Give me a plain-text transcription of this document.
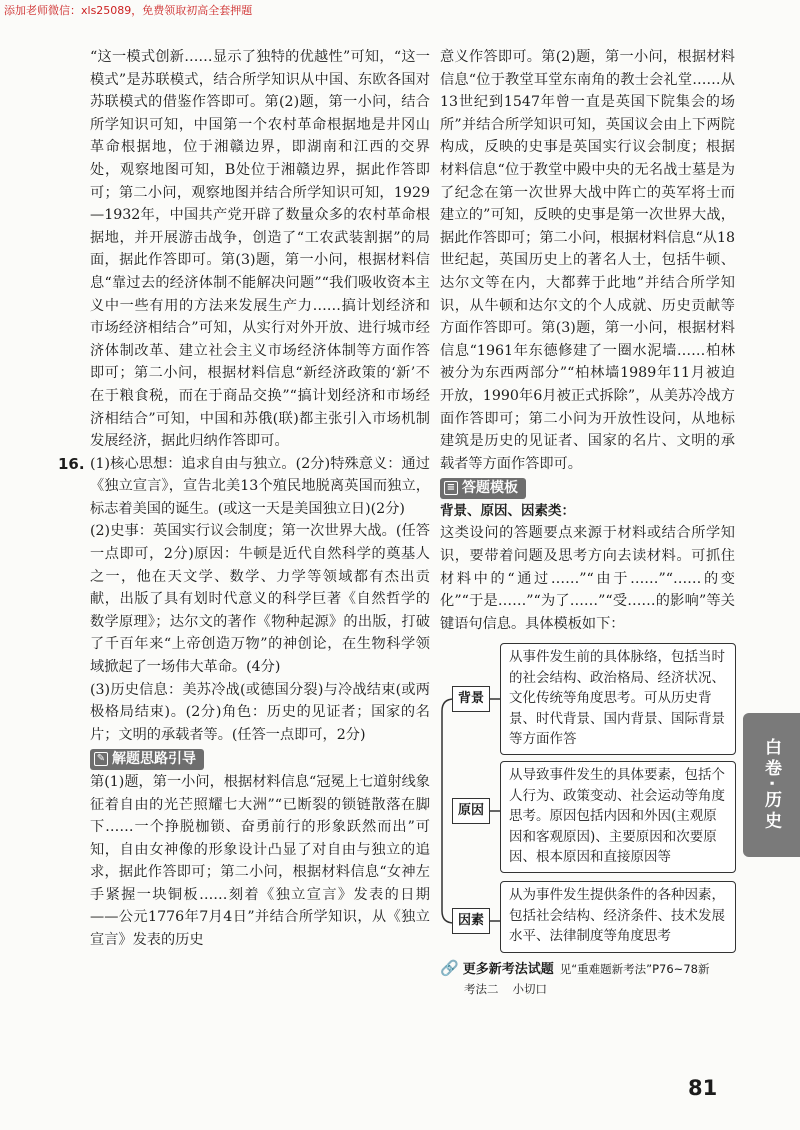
添加老师微信：xls25089，免费领取初高全套押题

“这一模式创新……显示了独特的优越性”可知，“这一模式”是苏联模式，结合所学知识从中国、东欧各国对苏联模式的借鉴作答即可。第(2)题，第一小问，结合所学知识可知，中国第一个农村革命根据地是井冈山革命根据地，位于湘赣边界，即湖南和江西的交界处，观察地图可知，B处位于湘赣边界，据此作答即可；第二小问，观察地图并结合所学知识可知，1929—1932年，中国共产党开辟了数量众多的农村革命根据地，并开展游击战争，创造了“工农武装割据”的局面，据此作答即可。第(3)题，第一小问，根据材料信息“靠过去的经济体制不能解决问题”“我们吸收资本主义中一些有用的方法来发展生产力……搞计划经济和市场经济相结合”可知，从实行对外开放、进行城市经济体制改革、建立社会主义市场经济体制等方面作答即可；第二小问，根据材料信息“新经济政策的‘新’不在于粮食税，而在于商品交换”“搞计划经济和市场经济相结合”可知，中国和苏俄(联)都主张引入市场机制发展经济，据此归纳作答即可。

16. (1)核心思想：追求自由与独立。(2分)特殊意义：通过《独立宣言》，宣告北美13个殖民地脱离英国而独立，标志着美国的诞生。(或这一天是美国独立日)(2分)

(2)史事：英国实行议会制度；第一次世界大战。(任答一点即可，2分)原因：牛顿是近代自然科学的奠基人之一，他在天文学、数学、力学等领域都有杰出贡献，出版了具有划时代意义的科学巨著《自然哲学的数学原理》；达尔文的著作《物种起源》的出版，打破了千百年来“上帝创造万物”的神创论，在生物科学领域掀起了一场伟大革命。(4分)

(3)历史信息：美苏冷战(或德国分裂)与冷战结束(或两极格局结束)。(2分)角色：历史的见证者；国家的名片；文明的承载者等。(任答一点即可，2分)

✎ 解题思路引导

第(1)题，第一小问，根据材料信息“冠冕上七道射线象征着自由的光芒照耀七大洲”“已断裂的锁链散落在脚下……一个挣脱枷锁、奋勇前行的形象跃然而出”可知，自由女神像的形象设计凸显了对自由与独立的追求，据此作答即可；第二小问，根据材料信息“女神左手紧握一块铜板……刻着《独立宣言》发表的日期——公元1776年7月4日”并结合所学知识，从《独立宣言》发表的历史

意义作答即可。第(2)题，第一小问，根据材料信息“位于教堂耳堂东南角的教士会礼堂……从13世纪到1547年曾一直是英国下院集会的场所”并结合所学知识可知，英国议会由上下两院构成，反映的史事是英国实行议会制度；根据材料信息“位于教堂中殿中央的无名战士墓是为了纪念在第一次世界大战中阵亡的英军将士而建立的”可知，反映的史事是第一次世界大战，据此作答即可；第二小问，根据材料信息“从18世纪起，英国历史上的著名人士，包括牛顿、达尔文等在内，大都葬于此地”并结合所学知识，从牛顿和达尔文的个人成就、历史贡献等方面作答即可。第(3)题，第一小问，根据材料信息“1961年东德修建了一圈水泥墙……柏林被分为东西两部分”“柏林墙1989年11月被迫开放，1990年6月被正式拆除”，从美苏冷战方面作答即可；第二小问为开放性设问，从地标建筑是历史的见证者、国家的名片、文明的承载者等方面作答即可。

≡ 答题模板
背景、原因、因素类：

这类设问的答题要点来源于材料或结合所学知识，要带着问题及思考方向去读材料。可抓住材料中的“通过……”“由于……”“……的变化”“于是……”“为了……”“受……的影响”等关键语句信息。具体模板如下：

背景
从事件发生前的具体脉络，包括当时的社会结构、政治格局、经济状况、文化传统等角度思考。可从历史背景、时代背景、国内背景、国际背景等方面作答
原因
从导致事件发生的具体要素，包括个人行为、政策变动、社会运动等角度思考。原因包括内因和外因(主观原因和客观原因)、主要原因和次要原因、根本原因和直接原因等
因素
从为事件发生提供条件的各种因素，包括社会结构、经济条件、技术发展水平、法律制度等角度思考
🔗 更多新考法试题 见“重难题新考法”P76~78新
考法二 小切口
白卷·历史
81
